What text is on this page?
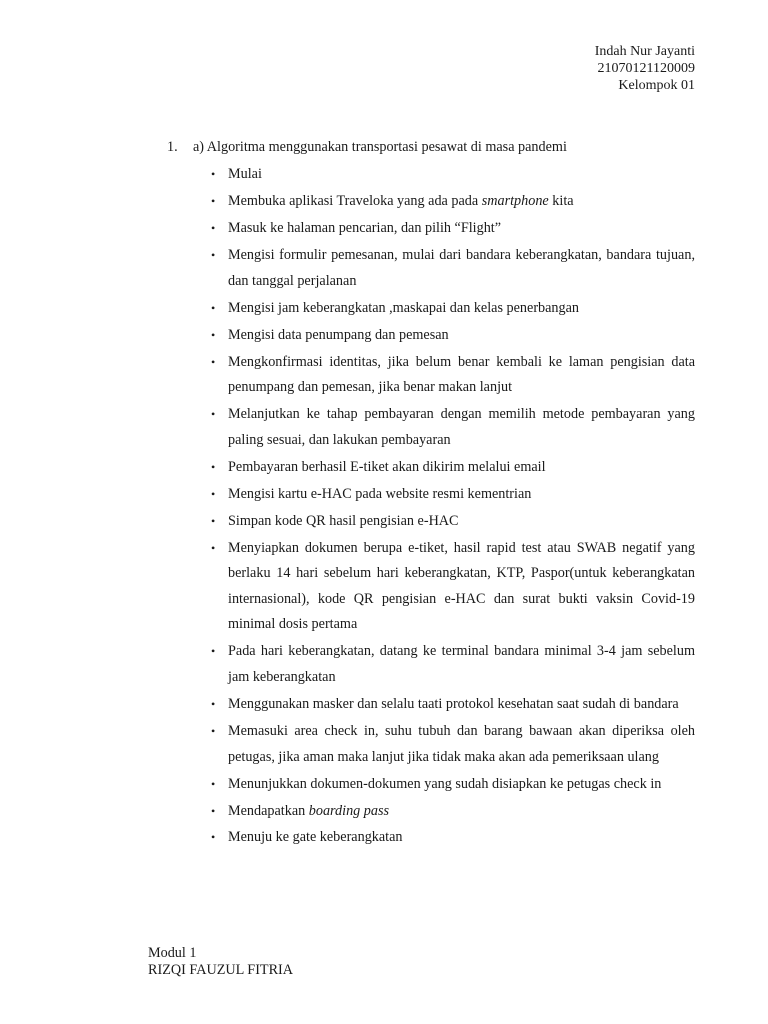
Indah Nur Jayanti
21070121120009
Kelompok 01
1.	a) Algoritma menggunakan transportasi pesawat di masa pandemi
• Mulai
• Membuka aplikasi Traveloka yang ada pada smartphone kita
• Masuk ke halaman pencarian, dan pilih “Flight”
• Mengisi formulir pemesanan, mulai dari bandara keberangkatan, bandara tujuan, dan tanggal perjalanan
• Mengisi jam keberangkatan ,maskapai dan kelas penerbangan
• Mengisi data penumpang dan pemesan
• Mengkonfirmasi identitas, jika belum benar kembali ke laman pengisian data penumpang dan pemesan, jika benar makan lanjut
• Melanjutkan ke tahap pembayaran dengan memilih metode pembayaran yang paling sesuai, dan lakukan pembayaran
• Pembayaran berhasil E-tiket akan dikirim melalui email
• Mengisi kartu e-HAC pada website resmi kementrian
• Simpan kode QR hasil pengisian e-HAC
• Menyiapkan dokumen berupa e-tiket, hasil rapid test atau SWAB negatif yang berlaku 14 hari sebelum hari keberangkatan, KTP, Paspor(untuk keberangkatan internasional), kode QR pengisian e-HAC dan surat bukti vaksin Covid-19 minimal dosis pertama
• Pada hari keberangkatan, datang ke terminal bandara minimal 3-4 jam sebelum jam keberangkatan
• Menggunakan masker dan selalu taati protokol kesehatan saat sudah di bandara
• Memasuki area check in, suhu tubuh dan barang bawaan akan diperiksa oleh petugas, jika aman maka lanjut jika tidak maka akan ada pemeriksaan ulang
• Menunjukkan dokumen-dokumen yang sudah disiapkan ke petugas check in
• Mendapatkan boarding pass
• Menuju ke gate keberangkatan
Modul 1
RIZQI FAUZUL FITRIA
